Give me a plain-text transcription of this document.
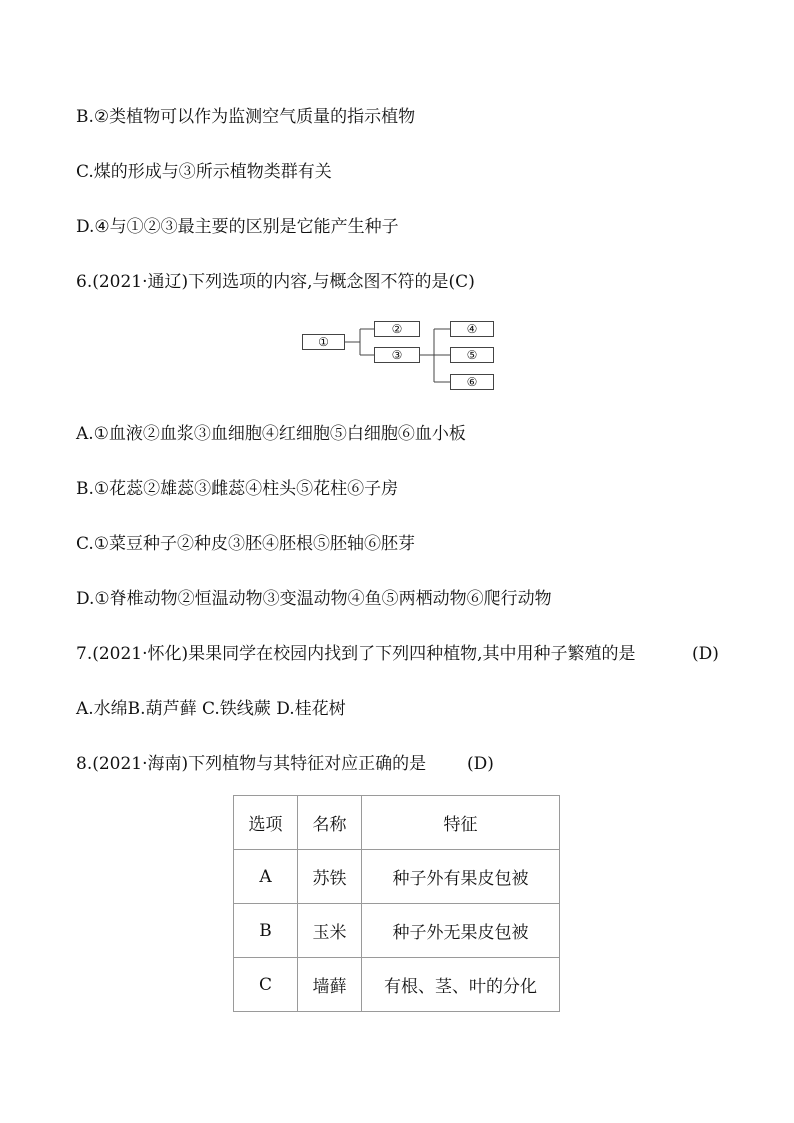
B.②类植物可以作为监测空气质量的指示植物
C.煤的形成与③所示植物类群有关
D.④与①②③最主要的区别是它能产生种子
6.(2021·通辽)下列选项的内容,与概念图不符的是(C)
①
②
③
④
⑤
⑥
A.①血液②血浆③血细胞④红细胞⑤白细胞⑥血小板
B.①花蕊②雄蕊③雌蕊④柱头⑤花柱⑥子房
C.①菜豆种子②种皮③胚④胚根⑤胚轴⑥胚芽
D.①脊椎动物②恒温动物③变温动物④鱼⑤两栖动物⑥爬行动物
7.(2021·怀化)果果同学在校园内找到了下列四种植物,其中用种子繁殖的是	(D)
A.水绵B.葫芦藓 C.铁线蕨 D.桂花树
8.(2021·海南)下列植物与其特征对应正确的是 (D)
选项	名称	特征
A	苏铁	种子外有果皮包被
B	玉米	种子外无果皮包被
C	墙藓	有根、茎、叶的分化
